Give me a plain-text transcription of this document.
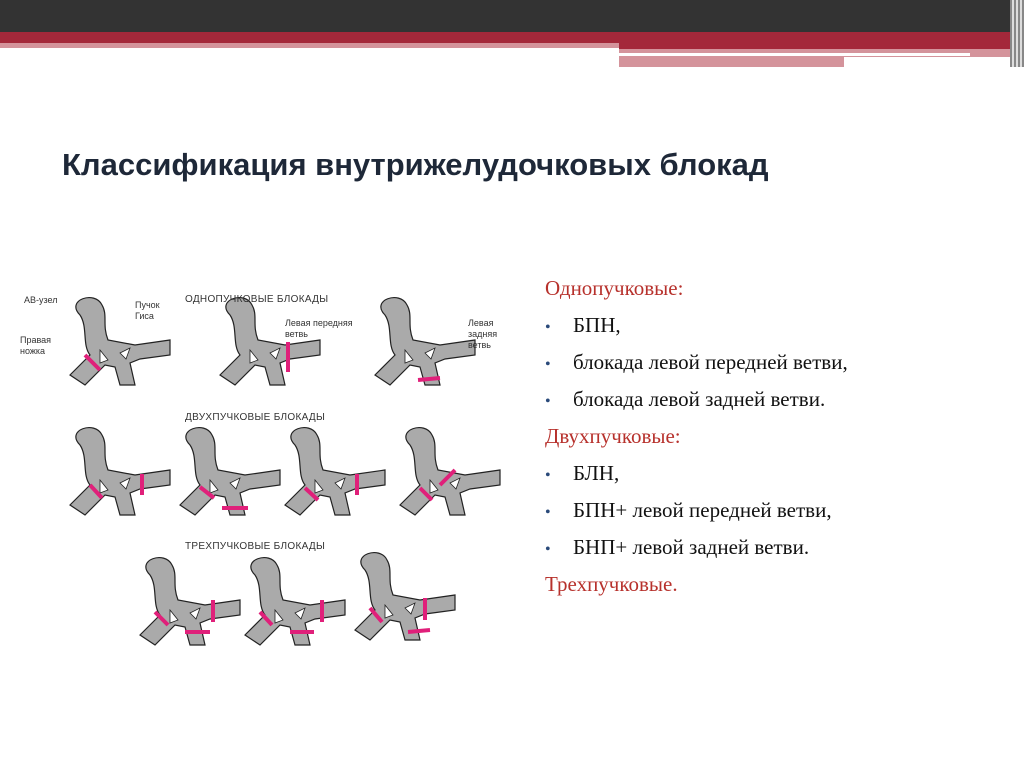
Классификация внутрижелудочковых блокад
ОДНОПУЧКОВЫЕ БЛОКАДЫ
ДВУХПУЧКОВЫЕ БЛОКАДЫ
ТРЕХПУЧКОВЫЕ БЛОКАДЫ
АВ-узел	Пучок Гиса
Правая ножка
Левая передняя ветвь
Левая задняя ветвь
Однопучковые:
• БПН,
• блокада левой передней ветви,
• блокада левой задней ветви.
Двухпучковые:
• БЛН,
• БПН+ левой передней ветви,
• БНП+ левой задней ветви.
Трехпучковые.
